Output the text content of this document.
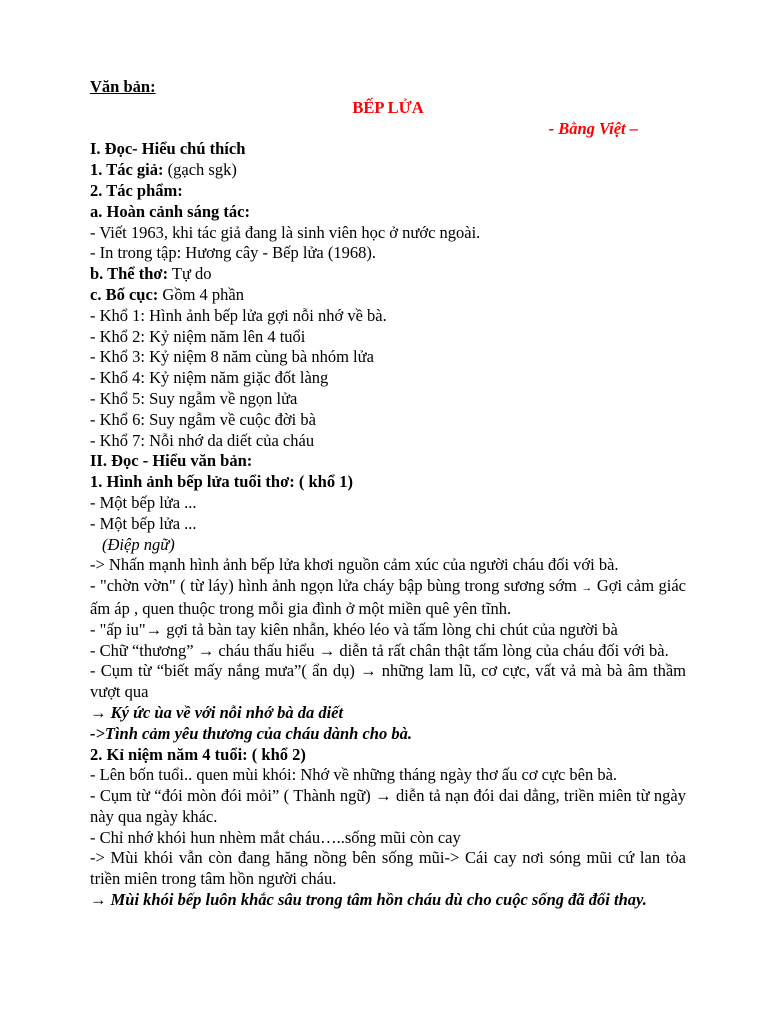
Văn bản:
BẾP LỬA
- Bằng Việt –
I. Đọc- Hiểu chú thích
1. Tác giả: (gạch sgk)
2. Tác phẩm:
a. Hoàn cảnh sáng tác:
- Viết 1963, khi tác giả đang là sinh viên học ở nước ngoài.
- In trong tập: Hương cây - Bếp lửa (1968).
b. Thể thơ: Tự do
c. Bố cục: Gồm 4 phần
- Khổ 1: Hình ảnh bếp lửa gợi nỗi nhớ về bà.
- Khổ 2: Kỷ niệm năm lên 4 tuổi
- Khổ 3: Kỷ niệm 8 năm cùng bà nhóm lửa
- Khổ 4: Kỷ niệm năm giặc đốt làng
- Khổ 5: Suy ngẫm về ngọn lửa
- Khổ 6: Suy ngẫm về cuộc đời bà
- Khổ 7: Nỗi nhớ da diết của cháu
II. Đọc - Hiểu văn bản:
1. Hình ảnh bếp lửa tuổi thơ: ( khổ 1)
- Một bếp lửa ...
- Một bếp lửa ...
(Điệp ngữ)
-> Nhấn mạnh hình ảnh bếp lửa khơi nguồn cảm xúc của người cháu đối với bà.
- "chờn vờn" ( từ láy) hình ảnh ngọn lửa cháy bập bùng trong sương sớm → Gợi cảm giác ấm áp , quen thuộc trong mỗi gia đình ở một miền quê yên tĩnh.
- "ấp iu"→ gợi tả bàn tay kiên nhẫn, khéo léo và tấm lòng chi chút của người bà
- Chữ “thương” → cháu thấu hiểu → diễn tả rất chân thật tấm lòng của cháu đối với bà.
- Cụm từ “biết mấy nắng mưa”( ẩn dụ) → những lam lũ, cơ cực, vất vả mà bà âm thầm vượt qua
→ Ký ức ùa về với nỗi nhớ bà da diết
->Tình cảm yêu thương của cháu dành cho bà.
2. Kỉ niệm năm 4 tuổi: ( khổ 2)
- Lên bốn tuổi.. quen mùi khói: Nhớ về những tháng ngày thơ ấu cơ cực bên bà.
- Cụm từ “đói mòn đói mỏi” ( Thành ngữ) → diễn tả nạn đói dai dẳng, triền miên từ ngày này qua ngày khác.
- Chỉ nhớ khói hun nhèm mắt cháu…..sống mũi còn cay
-> Mùi khói vẫn còn đang hăng nồng bên sống mũi-> Cái cay nơi sóng mũi cứ lan tỏa triền miên trong tâm hồn người cháu.
→ Mùi khói bếp luôn khắc sâu trong tâm hồn cháu dù cho cuộc sống đã đổi thay.
